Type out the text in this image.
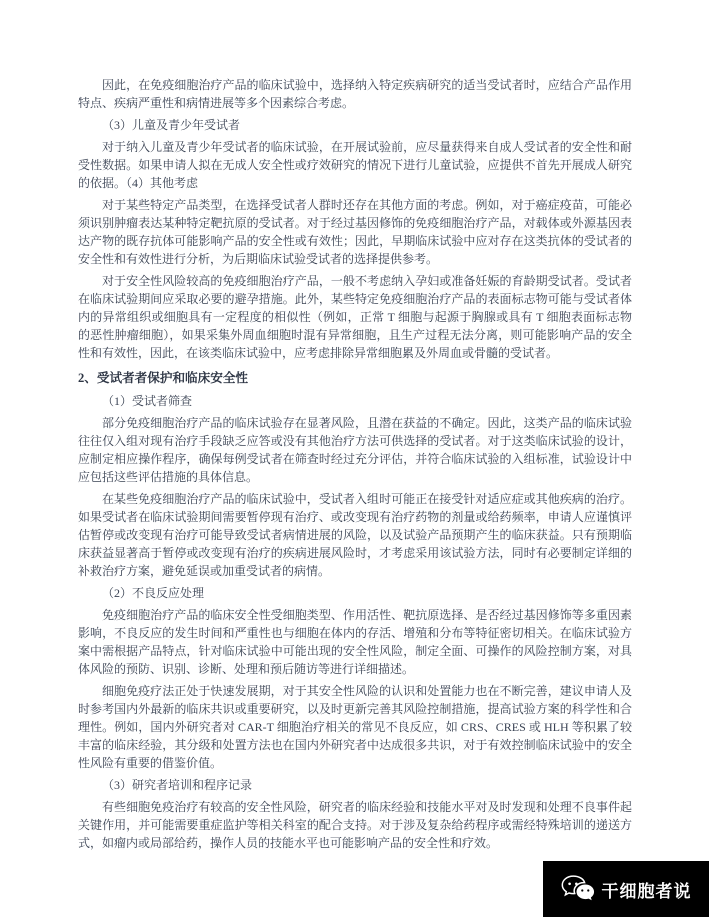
因此，在免疫细胞治疗产品的临床试验中，选择纳入特定疾病研究的适当受试者时，应结合产品作用特点、疾病严重性和病情进展等多个因素综合考虑。

（3）儿童及青少年受试者

对于纳入儿童及青少年受试者的临床试验，在开展试验前，应尽量获得来自成人受试者的安全性和耐受性数据。如果申请人拟在无成人安全性或疗效研究的情况下进行儿童试验，应提供不首先开展成人研究的依据。（4）其他考虑

对于某些特定产品类型，在选择受试者人群时还存在其他方面的考虑。例如，对于癌症疫苗，可能必须识别肿瘤表达某种特定靶抗原的受试者。对于经过基因修饰的免疫细胞治疗产品，对载体或外源基因表达产物的既存抗体可能影响产品的安全性或有效性；因此，早期临床试验中应对存在这类抗体的受试者的安全性和有效性进行分析，为后期临床试验受试者的选择提供参考。

对于安全性风险较高的免疫细胞治疗产品，一般不考虑纳入孕妇或准备妊娠的育龄期受试者。受试者在临床试验期间应采取必要的避孕措施。此外，某些特定免疫细胞治疗产品的表面标志物可能与受试者体内的异常组织或细胞具有一定程度的相似性（例如，正常 T 细胞与起源于胸腺或具有 T 细胞表面标志物的恶性肿瘤细胞），如果采集外周血细胞时混有异常细胞，且生产过程无法分离，则可能影响产品的安全性和有效性，因此，在该类临床试验中，应考虑排除异常细胞累及外周血或骨髓的受试者。

2、受试者者保护和临床安全性

（1）受试者筛查

部分免疫细胞治疗产品的临床试验存在显著风险，且潜在获益的不确定。因此，这类产品的临床试验往往仅入组对现有治疗手段缺乏应答或没有其他治疗方法可供选择的受试者。对于这类临床试验的设计，应制定相应操作程序，确保每例受试者在筛查时经过充分评估，并符合临床试验的入组标准，试验设计中应包括这些评估措施的具体信息。

在某些免疫细胞治疗产品的临床试验中，受试者入组时可能正在接受针对适应症或其他疾病的治疗。如果受试者在临床试验期间需要暂停现有治疗、或改变现有治疗药物的剂量或给药频率，申请人应谨慎评估暂停或改变现有治疗可能导致受试者病情进展的风险，以及试验产品预期产生的临床获益。只有预期临床获益显著高于暂停或改变现有治疗的疾病进展风险时，才考虑采用该试验方法，同时有必要制定详细的补救治疗方案，避免延误或加重受试者的病情。

（2）不良反应处理

免疫细胞治疗产品的临床安全性受细胞类型、作用活性、靶抗原选择、是否经过基因修饰等多重因素影响，不良反应的发生时间和严重性也与细胞在体内的存活、增殖和分布等特征密切相关。在临床试验方案中需根据产品特点，针对临床试验中可能出现的安全性风险，制定全面、可操作的风险控制方案，对具体风险的预防、识别、诊断、处理和预后随访等进行详细描述。

细胞免疫疗法正处于快速发展期，对于其安全性风险的认识和处置能力也在不断完善，建议申请人及时参考国内外最新的临床共识或重要研究，以及时更新完善其风险控制措施，提高试验方案的科学性和合理性。例如，国内外研究者对 CAR-T 细胞治疗相关的常见不良反应，如 CRS、CRES 或 HLH 等积累了较丰富的临床经验，其分级和处置方法也在国内外研究者中达成很多共识，对于有效控制临床试验中的安全性风险有重要的借鉴价值。

（3）研究者培训和程序记录

有些细胞免疫治疗有较高的安全性风险，研究者的临床经验和技能水平对及时发现和处理不良事件起关键作用，并可能需要重症监护等相关科室的配合支持。对于涉及复杂给药程序或需经特殊培训的递送方式，如瘤内或局部给药，操作人员的技能水平也可能影响产品的安全性和疗效。

干细胞者说
